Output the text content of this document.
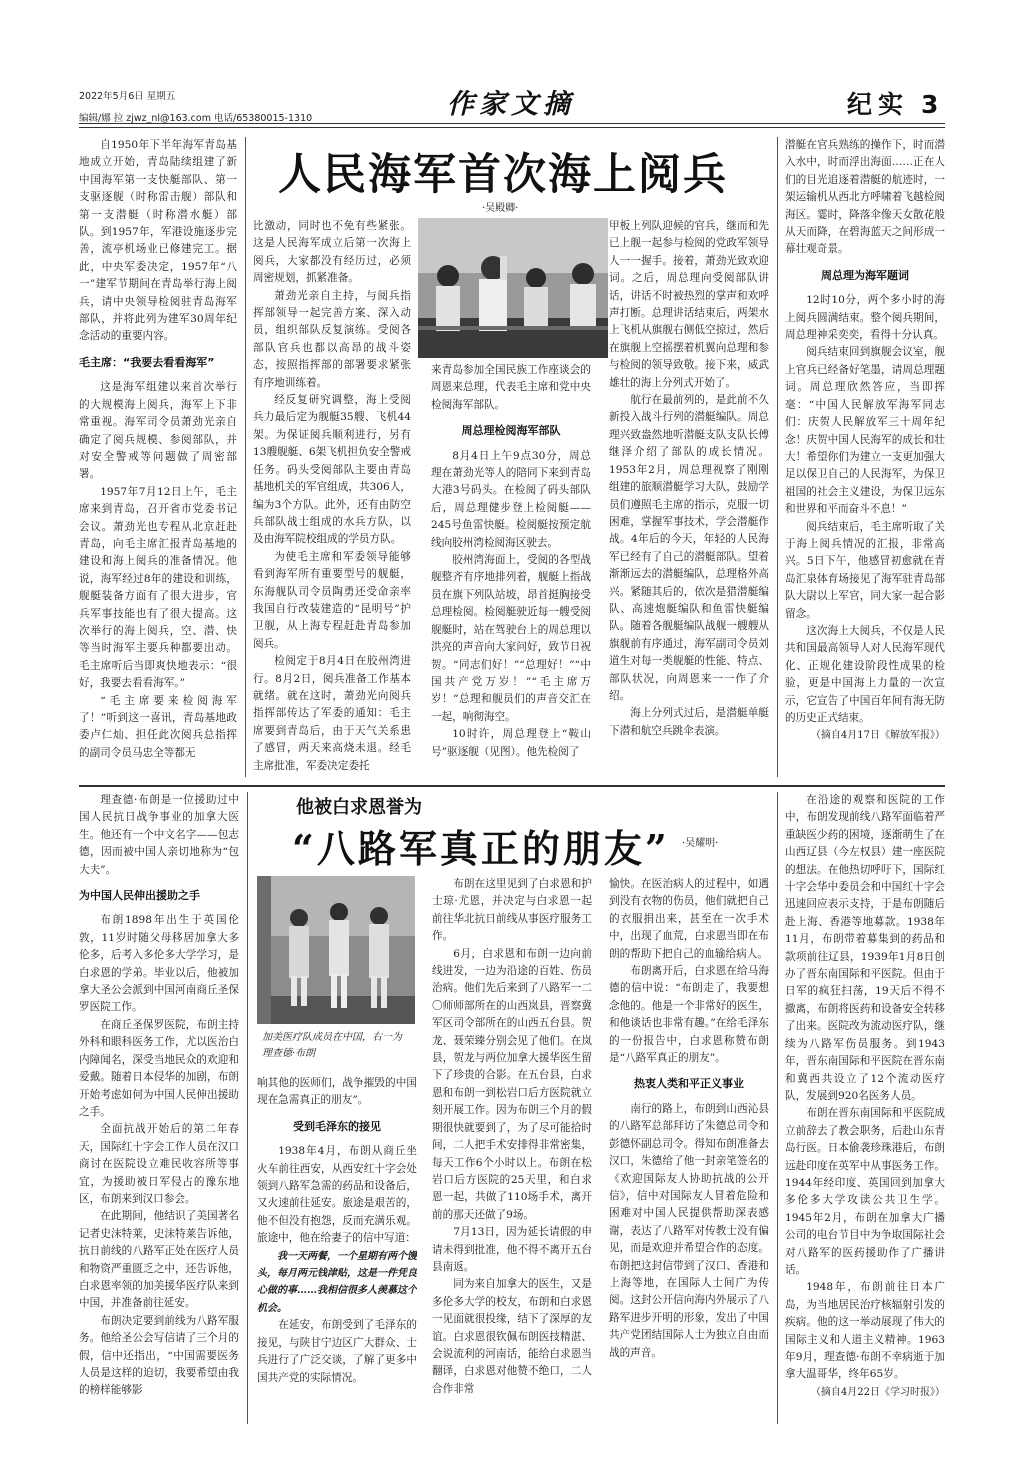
2022年5月6日 星期五
编辑/娜 拉 zjwz_nl@163.com 电话/65380015-1310	作家文摘	纪实 3
人民海军首次海上阅兵
·吴殿卿·

自1950年下半年海军青岛基地成立开始，青岛陆续组建了新中国海军第一支快艇部队、第一支驱逐舰（时称雷击舰）部队和第一支潜艇（时称潜水艇）部队。到1957年，军港设施逐步完善，流亭机场业已修建完工。据此，中央军委决定，1957年“八一”建军节期间在青岛举行海上阅兵，请中央领导检阅驻青岛海军部队，并将此列为建军30周年纪念活动的重要内容。

毛主席：“我要去看看海军”

这是海军组建以来首次举行的大规模海上阅兵，海军上下非常重视。海军司令员萧劲光亲自确定了阅兵规模、参阅部队，并对安全警戒等问题做了周密部署。

1957年7月12日上午，毛主席来到青岛，召开省市党委书记会议。萧劲光也专程从北京赶赴青岛，向毛主席汇报青岛基地的建设和海上阅兵的准备情况。他说，海军经过8年的建设和训练，舰艇装备方面有了很大进步，官兵军事技能也有了很大提高。这次举行的海上阅兵，空、潜、快等当时海军主要兵种都要出动。毛主席听后当即爽快地表示：“很好，我要去看看海军。”

“毛主席要来检阅海军了！”听到这一喜讯，青岛基地政委卢仁灿、担任此次阅兵总指挥的副司令员马忠全等都无

比激动，同时也不免有些紧张。这是人民海军成立后第一次海上阅兵，大家都没有经历过，必须周密规划，抓紧准备。

萧劲光亲自主持，与阅兵指挥部领导一起完善方案、深入动员，组织部队反复演练。受阅各部队官兵也都以高昂的战斗姿态，按照指挥部的部署要求紧张有序地训练着。

经反复研究调整，海上受阅兵力最后定为舰艇35艘、飞机44架。为保证阅兵顺利进行，另有13艘舰艇、6架飞机担负安全警戒任务。码头受阅部队主要由青岛基地机关的军官组成，共306人，编为3个方队。此外，还有由防空兵部队战士组成的水兵方队，以及由海军院校组成的学员方队。

为使毛主席和军委领导能够看到海军所有重要型号的舰艇，东海舰队司令员陶勇还受命亲率我国自行改装建造的“昆明号”护卫舰，从上海专程赶赴青岛参加阅兵。

检阅定于8月4日在胶州湾进行。8月2日，阅兵准备工作基本就绪。就在这时，萧劲光向阅兵指挥部传达了军委的通知：毛主席要到青岛后，由于天气关系患了感冒，两天来高烧未退。经毛主席批准，军委决定委托

来青岛参加全国民族工作座谈会的周恩来总理，代表毛主席和党中央检阅海军部队。

周总理检阅海军部队

8月4日上午9点30分，周总理在萧劲光等人的陪同下来到青岛大港3号码头。在检阅了码头部队后，周总理健步登上检阅艇——245号鱼雷快艇。检阅艇按预定航线向胶州湾检阅海区驶去。

胶州湾海面上，受阅的各型战舰整齐有序地排列着，舰艇上指战员在旗下列队站坡，昂首挺胸接受总理检阅。检阅艇驶近每一艘受阅舰艇时，站在驾驶台上的周总理以洪亮的声音向大家问好，致节日祝贺。“同志们好！”“总理好！”“中国共产党万岁！”“毛主席万岁！”总理和舰员们的声音交汇在一起，响彻海空。

10时许，周总理登上“鞍山号”驱逐舰（见图）。他先检阅了

甲板上列队迎候的官兵，继而和先已上舰一起参与检阅的党政军领导人一一握手。接着，萧劲光致欢迎词。之后，周总理向受阅部队讲话，讲话不时被热烈的掌声和欢呼声打断。总理讲话结束后，两架水上飞机从旗舰右侧低空掠过，然后在旗舰上空摇摆着机翼向总理和参与检阅的领导致敬。接下来，威武雄壮的海上分列式开始了。

航行在最前列的，是此前不久新投入战斗行列的潜艇编队。周总理兴致盎然地听潜艇支队支队长傅继泽介绍了部队的成长情况。1953年2月，周总理视察了刚刚组建的旅顺潜艇学习大队，鼓励学员们遵照毛主席的指示，克服一切困难，掌握军事技术，学会潜艇作战。4年后的今天，年轻的人民海军已经有了自己的潜艇部队。望着渐渐远去的潜艇编队，总理格外高兴。紧随其后的，依次是猎潜艇编队、高速炮艇编队和鱼雷快艇编队。随着各舰艇编队战舰一艘艘从旗舰前有序通过，海军副司令员刘道生对每一类舰艇的性能、特点、部队状况，向周恩来一一作了介绍。

海上分列式过后，是潜艇单艇下潜和航空兵跳伞表演。

潜艇在官兵熟练的操作下，时而潜入水中，时而浮出海面……正在人们的目光追逐着潜艇的航迹时，一架运输机从西北方呼啸着飞越检阅海区。霎时，降落伞像天女散花般从天而降，在碧海蓝天之间形成一幕壮观奇景。

周总理为海军题词

12时10分，两个多小时的海上阅兵圆满结束。整个阅兵期间，周总理神采奕奕，看得十分认真。

阅兵结束回到旗舰会议室，舰上官兵已经备好笔墨，请周总理题词。周总理欣然答应，当即挥毫：“中国人民解放军海军同志们：庆贺人民解放军三十周年纪念！庆贺中国人民海军的成长和壮大！希望你们为建立一支更加强大足以保卫自己的人民海军，为保卫祖国的社会主义建设，为保卫远东和世界和平而奋斗不息！”

阅兵结束后，毛主席听取了关于海上阅兵情况的汇报，非常高兴。5日下午，他感冒初愈就在青岛汇泉体育场接见了海军驻青岛部队大尉以上军官，同大家一起合影留念。

这次海上大阅兵，不仅是人民共和国最高领导人对人民海军现代化、正规化建设阶段性成果的检验，更是中国海上力量的一次宣示，它宣告了中国百年间有海无防的历史正式结束。

（摘自4月17日《解放军报》）

他被白求恩誉为
“八路军真正的朋友” ·吴耀明·

理查德·布朗是一位援助过中国人民抗日战争事业的加拿大医生。他还有一个中文名字——包志德，因而被中国人亲切地称为“包大夫”。

为中国人民伸出援助之手

布朗1898年出生于英国伦敦，11岁时随父母移居加拿大多伦多，后考入多伦多大学学习，是白求恩的学弟。毕业以后，他被加拿大圣公会派到中国河南商丘圣保罗医院工作。

在商丘圣保罗医院，布朗主持外科和眼科医务工作，尤以医治白内障闻名，深受当地民众的欢迎和爱戴。随着日本侵华的加剧，布朗开始考虑如何为中国人民伸出援助之手。

全面抗战开始后的第二年春天，国际红十字会工作人员在汉口商讨在医院设立难民收容所等事宜，为援助被日军侵占的豫东地区，布朗来到汉口参会。

在此期间，他结识了美国著名记者史沫特莱，史沫特莱告诉他，抗日前线的八路军正处在医疗人员和物资严重匮乏之中，还告诉他，白求恩率领的加美援华医疗队来到中国，并准备前往延安。

布朗决定要到前线为八路军服务。他给圣公会写信请了三个月的假，信中还指出，“中国需要医务人员是这样的迫切，我要希望由我的榜样能够影

加美医疗队成员在中国，右一为理查德·布朗

响其他的医师们，战争摧毁的中国现在急需真正的朋友”。

受到毛泽东的接见

1938年4月，布朗从商丘坐火车前往西安，从西安红十字会处领到八路军急需的药品和设备后，又火速前往延安。旅途是艰苦的，他不但没有抱怨，反而充满乐观。旅途中，他在给妻子的信中写道：

我一天两餐，一个星期有两个馒头，每月两元钱津贴，这是一件凭良心做的事……我相信很多人羡慕这个机会。

在延安，布朗受到了毛泽东的接见，与陕甘宁边区广大群众、士兵进行了广泛交谈，了解了更多中国共产党的实际情况。

布朗在这里见到了白求恩和护士琼·尤恩，并决定与白求恩一起前往华北抗日前线从事医疗服务工作。

6月，白求恩和布朗一边向前线进发，一边为沿途的百姓、伤员治病。他们先后来到了八路军一二〇师师部所在的山西岚县，晋察冀军区司令部所在的山西五台县。贺龙、聂荣臻分别会见了他们。在岚县，贺龙与两位加拿大援华医生留下了珍贵的合影。在五台县，白求恩和布朗一到松岩口后方医院就立刻开展工作。因为布朗三个月的假期很快就要到了，为了尽可能拾时间，二人把手术安排得非常密集，每天工作6个小时以上。布朗在松岩口后方医院的25天里，和白求恩一起，共做了110场手术，离开前的那天还做了9场。

7月13日，因为延长请假的申请未得到批准，他不得不离开五台县南返。

同为来自加拿大的医生，又是多伦多大学的校友，布朗和白求恩一见面就很投缘，结下了深厚的友谊。白求恩很钦佩布朗医技精湛、会说流利的河南话，能给白求恩当翻译，白求恩对他赞不绝口，二人合作非常

愉快。在医治病人的过程中，如遇到没有衣物的伤员，他们就把自己的衣服捐出来，甚至在一次手术中，出现了血荒，白求恩当即在布朗的帮助下把自己的血输给病人。

布朗离开后，白求恩在给马海德的信中说：“布朗走了，我要想念他的。他是一个非常好的医生，和他谈话也非常有趣。”在给毛泽东的一份报告中，白求恩称赞布朗是“八路军真正的朋友”。

热衷人类和平正义事业

南行的路上，布朗到山西沁县的八路军总部拜访了朱德总司令和彭德怀副总司令。得知布朗准备去汉口，朱德给了他一封亲笔签名的《欢迎国际友人协助抗战的公开信》，信中对国际友人冒着危险和困难对中国人民提供帮助深表感谢，表达了八路军对传教士没有偏见，而是欢迎并希望合作的态度。布朗把这封信带到了汉口、香港和上海等地，在国际人士间广为传阅。这封公开信向海内外展示了八路军进步开明的形象，发出了中国共产党团结国际人士为独立自由而战的声音。

在沿途的观察和医院的工作中，布朗发现前线八路军面临着严重缺医少药的困境，逐渐萌生了在山西辽县（今左权县）建一座医院的想法。在他热切呼吁下，国际红十字会华中委员会和中国红十字会迅速回应表示支持，于是布朗随后赴上海、香港等地募款。1938年11月，布朗带着募集到的药品和款项前往辽县，1939年1月8日创办了晋东南国际和平医院。但由于日军的疯狂扫荡，19天后不得不撤离，布朗将医药和设备安全转移了出来。医院改为流动医疗队，继续为八路军伤员服务。到1943年，晋东南国际和平医院在晋东南和冀西共设立了12个流动医疗队，发展到920名医务人员。

布朗在晋东南国际和平医院成立前辞去了教会职务，后赴山东青岛行医。日本偷袭珍珠港后，布朗远赴印度在英军中从事医务工作。1944年经印度、英国回到加拿大多伦多大学攻读公共卫生学。1945年2月，布朗在加拿大广播公司的电台节目中为争取国际社会对八路军的医药援助作了广播讲话。

1948年，布朗前往日本广岛，为当地居民治疗核辐射引发的疾病。他的这一举动展现了伟大的国际主义和人道主义精神。1963年9月，理查德·布朗不幸病逝于加拿大温哥华，终年65岁。

（摘自4月22日《学习时报》）
